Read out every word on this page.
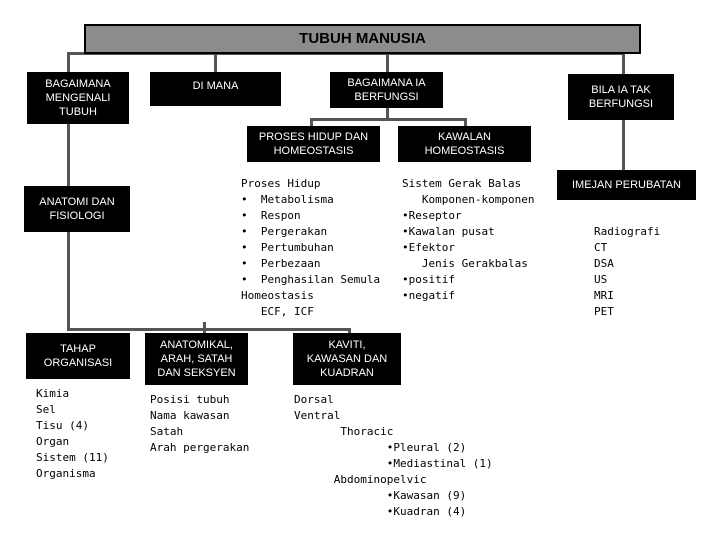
TUBUH MANUSIA
BAGAIMANA
MENGENALI
TUBUH
DI MANA	BAGAIMANA IA
BERFUNGSI
BILA IA TAK
BERFUNGSI
PROSES HIDUP DAN
HOMEOSTASIS
KAWALAN
HOMEOSTASIS
ANATOMI DAN
FISIOLOGI
IMEJAN PERUBATAN
Proses Hidup
•  Metabolisma
•  Respon
•  Pergerakan
•  Pertumbuhan
•  Perbezaan
•  Penghasilan Semula
Homeostasis
ECF, ICF
Sistem Gerak Balas
Komponen-komponen
•Reseptor
•Kawalan pusat
•Efektor
Jenis Gerakbalas
•positif
•negatif
Radiografi
CT
DSA
US
MRI
PET
TAHAP
ORGANISASI
ANATOMIKAL,
ARAH, SATAH
DAN SEKSYEN
KAVITI,
KAWASAN DAN
KUADRAN
Kimia
Sel
Tisu (4)
Organ
Sistem (11)
Organisma
Posisi tubuh
Nama kawasan
Satah
Arah pergerakan
Dorsal
Ventral
Thoracic
•Pleural (2)
•Mediastinal (1)
Abdominopelvic
•Kawasan (9)
•Kuadran (4)
